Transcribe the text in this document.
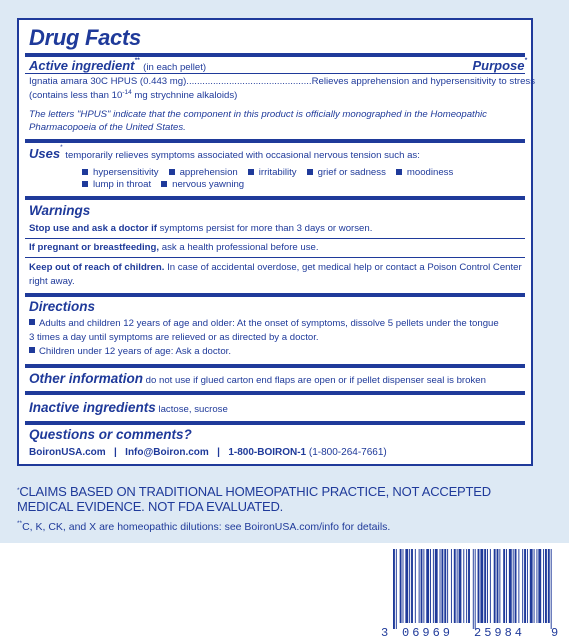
Drug Facts
Active ingredient** (in each pellet)	Purpose*
Ignatia amara 30C HPUS (0.443 mg)...............................................Relieves apprehension and hypersensitivity to stress
(contains less than $10^{-14}$ mg strychnine alkaloids)
The letters "HPUS" indicate that the component in this product is officially monographed in the Homeopathic
Pharmacopoeia of the United States.
Uses* temporarily relieves symptoms associated with occasional nervous tension such as:
hypersensitivity apprehension irritability grief or sadness moodiness
lump in throat nervous yawning
Warnings
Stop use and ask a doctor if symptoms persist for more than 3 days or worsen.
If pregnant or breastfeeding, ask a health professional before use.
Keep out of reach of children. In case of accidental overdose, get medical help or contact a Poison Control Center
right away.
Directions
Adults and children 12 years of age and older: At the onset of symptoms, dissolve 5 pellets under the tongue
3 times a day until symptoms are relieved or as directed by a doctor.
Children under 12 years of age: Ask a doctor.
Other information do not use if glued carton end flaps are open or if pellet dispenser seal is broken
Inactive ingredients lactose, sucrose
Questions or comments?
BoironUSA.com | Info@Boiron.com | 1-800-BOIRON-1 (1-800-264-7661)
*CLAIMS BASED ON TRADITIONAL HOMEOPATHIC PRACTICE, NOT ACCEPTED MEDICAL EVIDENCE. NOT FDA EVALUATED.
**C, K, CK, and X are homeopathic dilutions: see BoironUSA.com/info for details.
3 06969 25984 9
